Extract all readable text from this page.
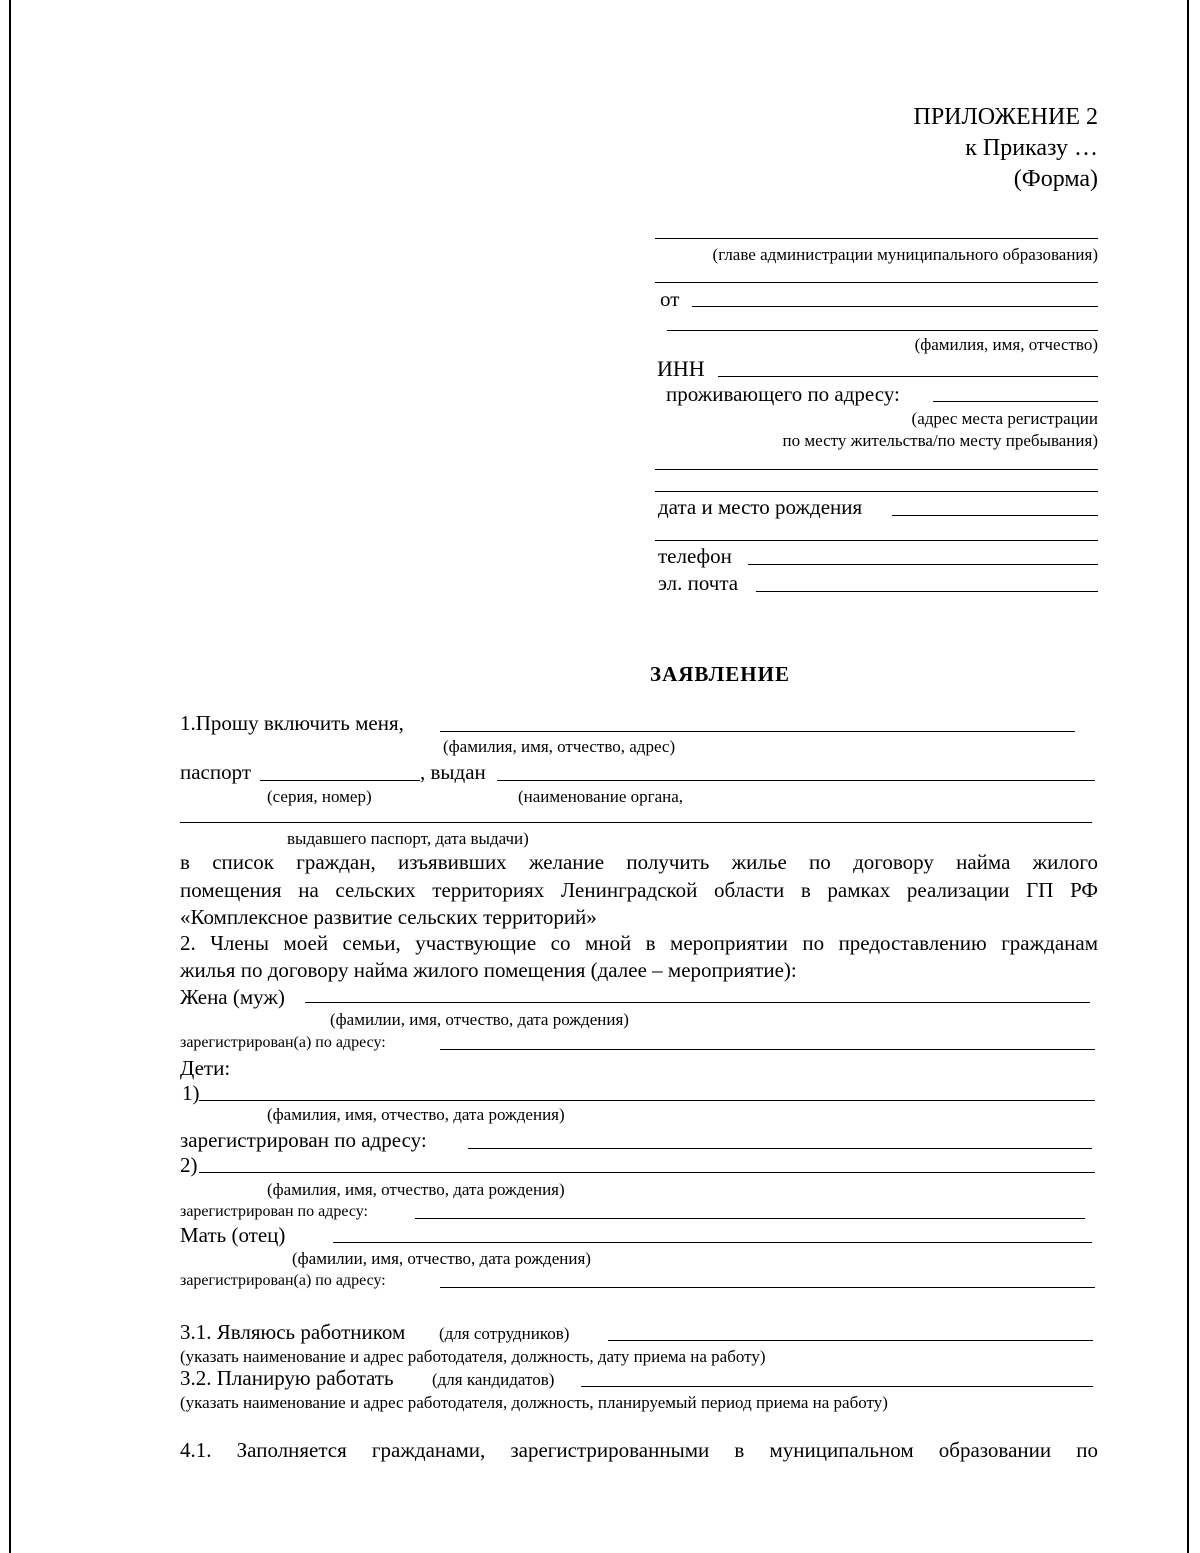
ПРИЛОЖЕНИЕ 2
к Приказу …
(Форма)
(главе администрации муниципального образования)
от
(фамилия, имя, отчество)
ИНН
проживающего по адресу:
(адрес места регистрации
по месту жительства/по месту пребывания)
дата и место рождения
телефон
эл. почта
ЗАЯВЛЕНИЕ
1.Прошу включить меня,
(фамилия, имя, отчество, адрес)
паспорт	, выдан
(серия, номер)	(наименование органа,
выдавшего паспорт, дата выдачи)
в список граждан, изъявивших желание получить жилье по договору найма жилого
помещения на сельских территориях Ленинградской области в рамках реализации ГП РФ
«Комплексное развитие сельских территорий»
2. Члены моей семьи, участвующие со мной в мероприятии по предоставлению гражданам
жилья по договору найма жилого помещения (далее – мероприятие):
Жена (муж)
(фамилии, имя, отчество, дата рождения)
зарегистрирован(а) по адресу:
Дети:
1)
(фамилия, имя, отчество, дата рождения)
зарегистрирован по адресу:
2)
(фамилия, имя, отчество, дата рождения)
зарегистрирован по адресу:
Мать (отец)
(фамилии, имя, отчество, дата рождения)
зарегистрирован(а) по адресу:
3.1. Являюсь работником (для сотрудников)
(указать наименование и адрес работодателя, должность, дату приема на работу)
3.2. Планирую работать (для кандидатов)
(указать наименование и адрес работодателя, должность, планируемый период приема на работу)
4.1. Заполняется гражданами, зарегистрированными в муниципальном образовании по
